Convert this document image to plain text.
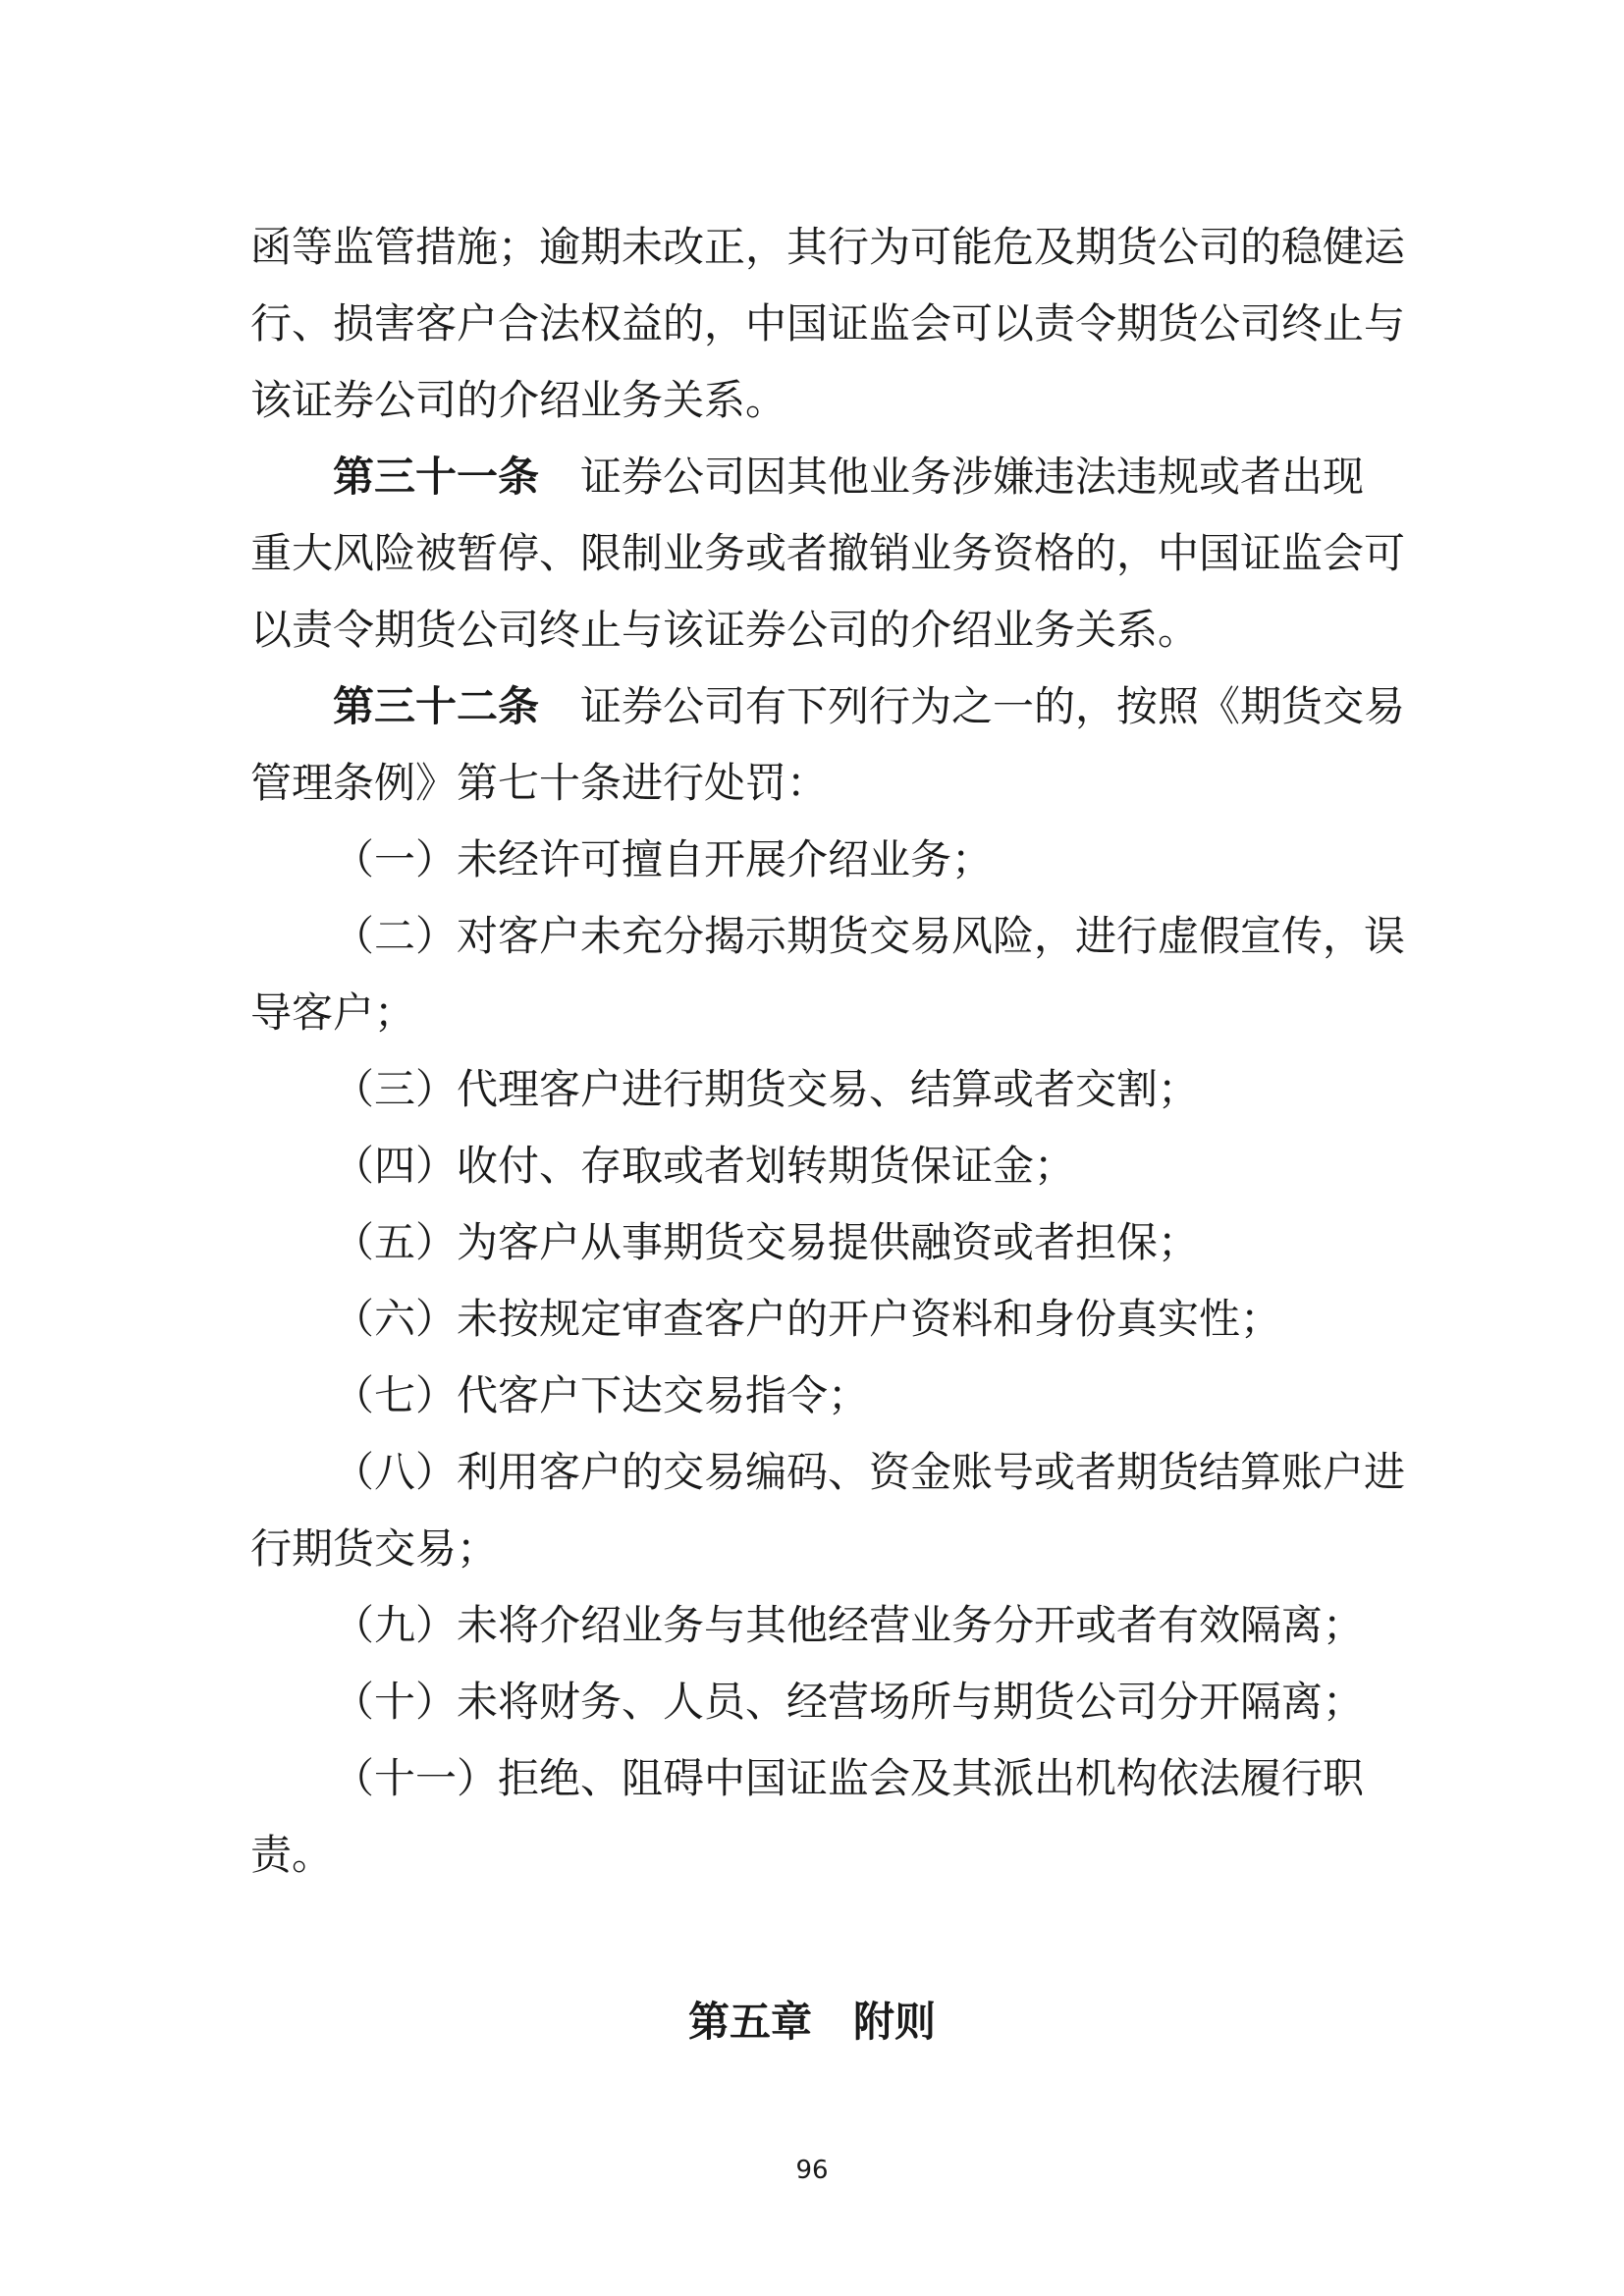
函等监管措施；逾期未改正，其行为可能危及期货公司的稳健运
行、损害客户合法权益的，中国证监会可以责令期货公司终止与
该证券公司的介绍业务关系。
第三十一条 证券公司因其他业务涉嫌违法违规或者出现
重大风险被暂停、限制业务或者撤销业务资格的，中国证监会可
以责令期货公司终止与该证券公司的介绍业务关系。
第三十二条 证券公司有下列行为之一的，按照《期货交易
管理条例》第七十条进行处罚：
（一）未经许可擅自开展介绍业务；
（二）对客户未充分揭示期货交易风险，进行虚假宣传，误
导客户；
（三）代理客户进行期货交易、结算或者交割；
（四）收付、存取或者划转期货保证金；
（五）为客户从事期货交易提供融资或者担保；
（六）未按规定审查客户的开户资料和身份真实性；
（七）代客户下达交易指令；
（八）利用客户的交易编码、资金账号或者期货结算账户进
行期货交易；
（九）未将介绍业务与其他经营业务分开或者有效隔离；
（十）未将财务、人员、经营场所与期货公司分开隔离；
（十一）拒绝、阻碍中国证监会及其派出机构依法履行职
责。
第五章 附则
96
